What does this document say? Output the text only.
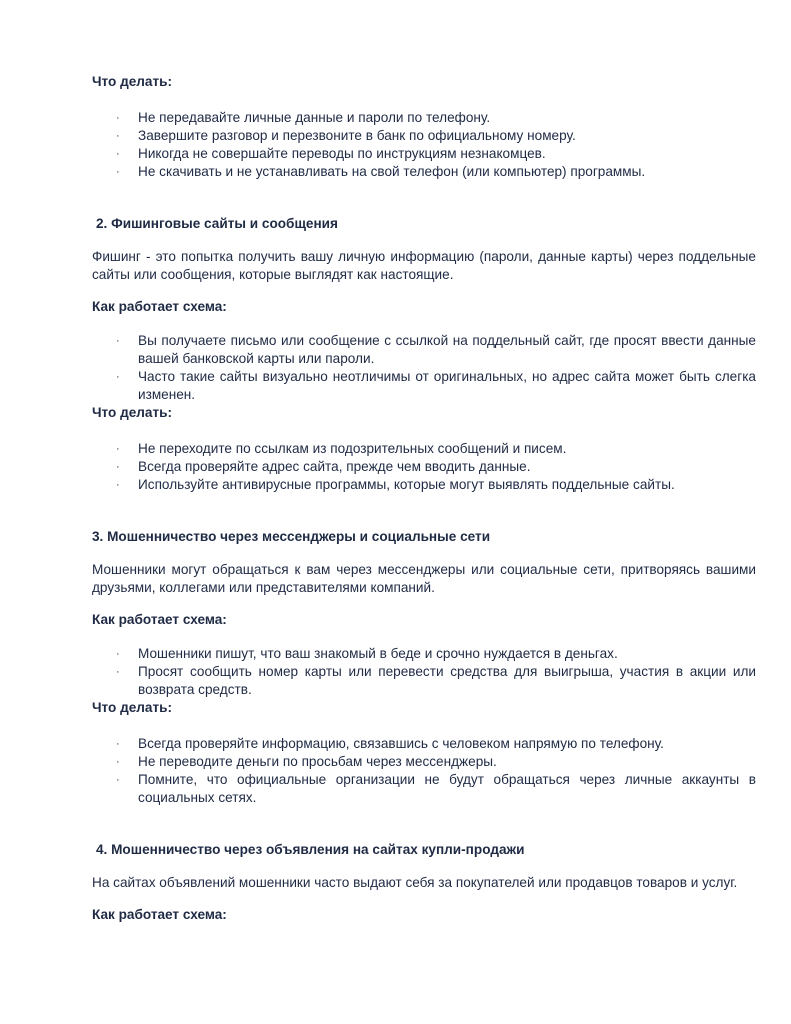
Что делать:
· Не передавайте личные данные и пароли по телефону.
· Завершите разговор и перезвоните в банк по официальному номеру.
· Никогда не совершайте переводы по инструкциям незнакомцев.
· Не скачивать и не устанавливать на свой телефон (или компьютер) программы.
2. Фишинговые сайты и сообщения
Фишинг - это попытка получить вашу личную информацию (пароли, данные карты) через поддельные сайты или сообщения, которые выглядят как настоящие.
Как работает схема:
· Вы получаете письмо или сообщение с ссылкой на поддельный сайт, где просят ввести данные вашей банковской карты или пароли.
· Часто такие сайты визуально неотличимы от оригинальных, но адрес сайта может быть слегка изменен.
Что делать:
· Не переходите по ссылкам из подозрительных сообщений и писем.
· Всегда проверяйте адрес сайта, прежде чем вводить данные.
· Используйте антивирусные программы, которые могут выявлять поддельные сайты.
3. Мошенничество через мессенджеры и социальные сети
Мошенники могут обращаться к вам через мессенджеры или социальные сети, притворяясь вашими друзьями, коллегами или представителями компаний.
Как работает схема:
· Мошенники пишут, что ваш знакомый в беде и срочно нуждается в деньгах.
· Просят сообщить номер карты или перевести средства для выигрыша, участия в акции или возврата средств.
Что делать:
· Всегда проверяйте информацию, связавшись с человеком напрямую по телефону.
· Не переводите деньги по просьбам через мессенджеры.
· Помните, что официальные организации не будут обращаться через личные аккаунты в социальных сетях.
4. Мошенничество через объявления на сайтах купли-продажи
На сайтах объявлений мошенники часто выдают себя за покупателей или продавцов товаров и услуг.
Как работает схема:
